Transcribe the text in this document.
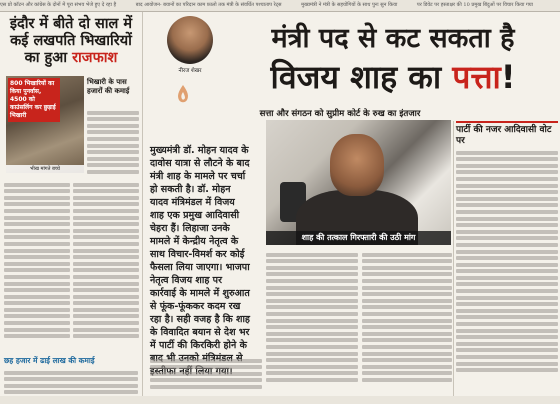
एस प्रो कॉटन और कांग्रेस के दोनों में पूरा संभव भेजे हुए दे रहा है	बाद आयोजन- बयानों का परिदान काम फ़ालो तक मंत्री के संवर्धित पश्चाताप रेट्स	मुख्यमंत्री ने मंत्री के सहयोगियों के साथ पुनः सुन किया	पर डिवेट पर हस्ताक्षर की 10 प्रमुख बिंदुओं पर विचार किया गया
इंदौर में बीते दो साल में
कई लखपति भिखारियों
का हुआ राजफाश
भीख मांगते बच्चे
800 भिखारियों का किया पुनर्वास, 4500 को काउंसलिंग कर छुड़ाई भिखारी
भिखारी के पास हजारों की कमाई
छह हजार में ढाई लाख की कमाई
नीरज शेखर
मंत्री पद से कट सकता है
विजय शाह का पत्ता!
सत्ता और संगठन को सुप्रीम कोर्ट के रुख का इंतजार
मुख्यमंत्री डॉ. मोहन यादव के दावोस यात्रा से लौटने के बाद मंत्री शाह के मामले पर चर्चा हो सकती है। डॉ. मोहन यादव मंत्रिमंडल में विजय शाह एक प्रमुख आदिवासी चेहरा हैं। लिहाजा उनके मामले में केन्द्रीय नेतृत्व के साथ विचार-विमर्श कर कोई फैसला लिया जाएगा। भाजपा नेतृत्व विजय शाह पर कार्रवाई के मामले में शुरुआत से फूंक-फूंककर कदम रख रहा है। सही वजह है कि शाह के विवादित बयान से देश भर में पार्टी की किरकिरी होने के
शाह की तत्काल गिरफ्तारी की उठी मांग
पार्टी की नजर आदिवासी वोट पर
